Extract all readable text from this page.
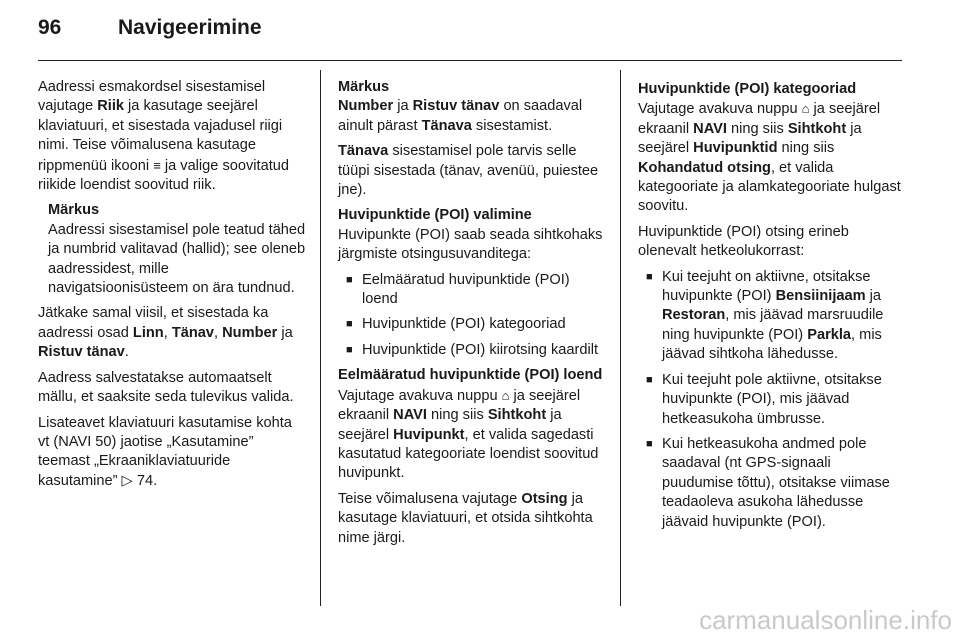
96	Navigeerimine

Aadressi esmakordsel sisestamisel vajutage Riik ja kasutage seejärel klaviatuuri, et sisestada vajadusel riigi nimi. Teise võimalusena kasutage rippmenüü ikooni ≡ ja valige soovitatud riikide loendist soovitud riik.

Märkus
Aadressi sisestamisel pole teatud tähed ja numbrid valitavad (hallid); see oleneb aadressidest, mille navigatsioonisüsteem on ära tundnud.

Jätkake samal viisil, et sisestada ka aadressi osad Linn, Tänav, Number ja Ristuv tänav.

Aadress salvestatakse automaatselt mällu, et saaksite seda tulevikus valida.

Lisateavet klaviatuuri kasutamise kohta vt (NAVI 50) jaotise „Kasutamine” teemast „Ekraaniklaviatuuride kasutamine” ▷ 74.

Märkus

Number ja Ristuv tänav on saadaval ainult pärast Tänava sisestamist.

Tänava sisestamisel pole tarvis selle tüüpi sisestada (tänav, avenüü, puiestee jne).

Huvipunktide (POI) valimine

Huvipunkte (POI) saab seada sihtkohaks järgmiste otsingusuvanditega:

■ Eelmääratud huvipunktide (POI) loend
■ Huvipunktide (POI) kategooriad
■ Huvipunktide (POI) kiirotsing kaardilt
Eelmääratud huvipunktide (POI) loend

Vajutage avakuva nuppu ⌂ ja seejärel ekraanil NAVI ning siis Sihtkoht ja seejärel Huvipunkt, et valida sagedasti kasutatud kategooriate loendist soovitud huvipunkt.

Teise võimalusena vajutage Otsing ja kasutage klaviatuuri, et otsida sihtkohta nime järgi.

Huvipunktide (POI) kategooriad

Vajutage avakuva nuppu ⌂ ja seejärel ekraanil NAVI ning siis Sihtkoht ja seejärel Huvipunktid ning siis Kohandatud otsing, et valida kategooriate ja alamkategooriate hulgast soovitu.

Huvipunktide (POI) otsing erineb olenevalt hetkeolukorrast:

■ Kui teejuht on aktiivne, otsitakse huvipunkte (POI) Bensiinijaam ja Restoran, mis jäävad marsruudile ning huvipunkte (POI) Parkla, mis jäävad sihtkoha lähedusse.
■ Kui teejuht pole aktiivne, otsitakse huvipunkte (POI), mis jäävad hetkeasukoha ümbrusse.
■ Kui hetkeasukoha andmed pole saadaval (nt GPS-signaali puudumise tõttu), otsitakse viimase teadaoleva asukoha lähedusse jäävaid huvipunkte (POI).
carmanualsonline.info
